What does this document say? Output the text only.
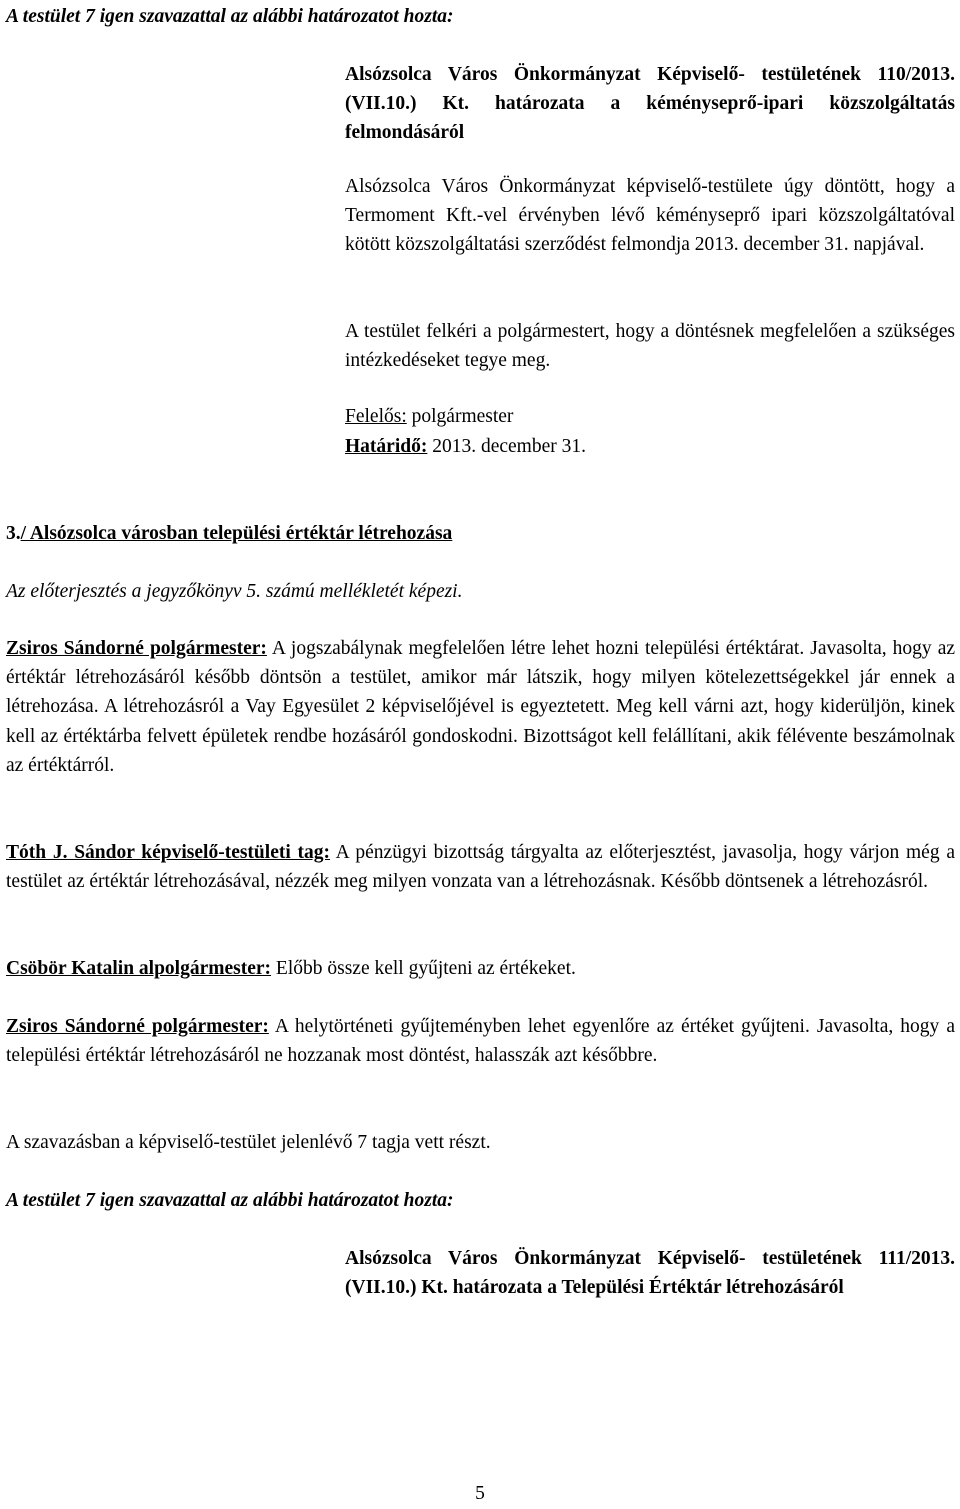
A testület 7 igen szavazattal az alábbi határozatot hozta:

Alsózsolca Város Önkormányzat Képviselő- testületének 110/2013.(VII.10.) Kt. határozata a kéményseprő-ipari közszolgáltatás felmondásáról

Alsózsolca Város Önkormányzat képviselő-testülete úgy döntött, hogy a Termoment Kft.-vel érvényben lévő kéményseprő ipari közszolgáltatóval kötött közszolgáltatási szerződést felmondja 2013. december 31. napjával.

A testület felkéri a polgármestert, hogy a döntésnek megfelelően a szükséges intézkedéseket tegye meg.

Felelős: polgármester
Határidő: 2013. december 31.
3./ Alsózsolca városban települési értéktár létrehozása

Az előterjesztés a jegyzőkönyv 5. számú mellékletét képezi.

Zsiros Sándorné polgármester: A jogszabálynak megfelelően létre lehet hozni települési értéktárat. Javasolta, hogy az értéktár létrehozásáról később döntsön a testület, amikor már látszik, hogy milyen kötelezettségekkel jár ennek a létrehozása. A létrehozásról a Vay Egyesület 2 képviselőjével is egyeztetett. Meg kell várni azt, hogy kiderüljön, kinek kell az értéktárba felvett épületek rendbe hozásáról gondoskodni. Bizottságot kell felállítani, akik félévente beszámolnak az értéktárról.

Tóth J. Sándor képviselő-testületi tag: A pénzügyi bizottság tárgyalta az előterjesztést, javasolja, hogy várjon még a testület az értéktár létrehozásával, nézzék meg milyen vonzata van a létrehozásnak. Később döntsenek a létrehozásról.

Csöbör Katalin alpolgármester: Előbb össze kell gyűjteni az értékeket.

Zsiros Sándorné polgármester: A helytörténeti gyűjteményben lehet egyenlőre az értéket gyűjteni. Javasolta, hogy a települési értéktár létrehozásáról ne hozzanak most döntést, halasszák azt későbbre.

A szavazásban a képviselő-testület jelenlévő 7 tagja vett részt.

A testület 7 igen szavazattal az alábbi határozatot hozta:

Alsózsolca Város Önkormányzat Képviselő- testületének 111/2013.(VII.10.) Kt. határozata a Települési Értéktár létrehozásáról

5
